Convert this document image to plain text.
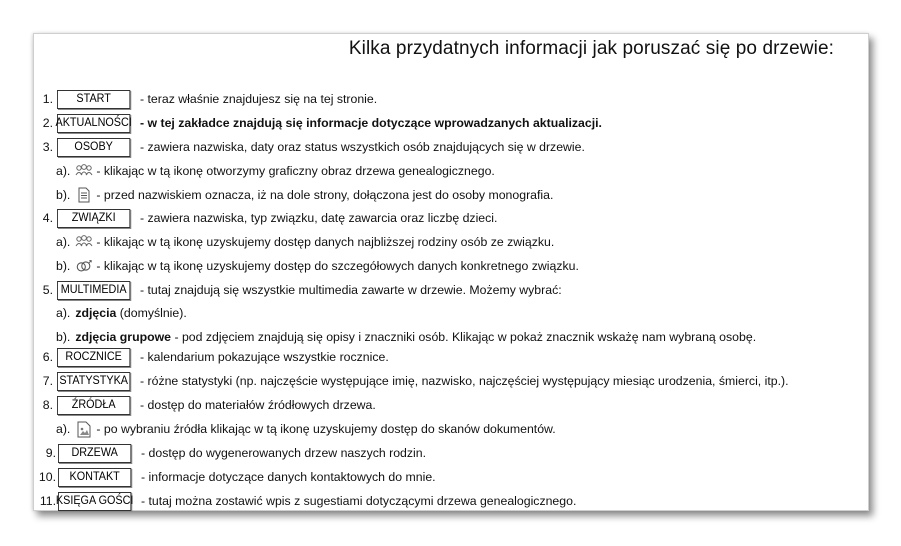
Kilka przydatnych informacji jak poruszać się po drzewie:
1.	START	- teraz właśnie znajdujesz się na tej stronie.
2. AKTUALNOŚCI - w tej zakładce znajdują się informacje dotyczące wprowadzanych aktualizacji.
3.	OSOBY	- zawiera nazwiska, daty oraz status wszystkich osób znajdujących się w drzewie.
a). - klikając w tą ikonę otworzymy graficzny obraz drzewa genealogicznego.
b). - przed nazwiskiem oznacza, iż na dole strony, dołączona jest do osoby monografia.
4.	ZWIĄZKI	- zawiera nazwiska, typ związku, datę zawarcia oraz liczbę dzieci.
a). - klikając w tą ikonę uzyskujemy dostęp danych najbliższej rodziny osób ze związku.
b). - klikając w tą ikonę uzyskujemy dostęp do szczegółowych danych konkretnego związku.
5. MULTIMEDIA	- tutaj znajdują się wszystkie multimedia zawarte w drzewie. Możemy wybrać:
a). zdjęcia
(domyślnie).
b). zdjęcia grupowe
- pod zdjęciem znajdują się opisy i znaczniki osób. Klikając w pokaż znacznik wskażę nam wybraną osobę.
6.	ROCZNICE	- kalendarium pokazujące wszystkie rocznice.
7. STATYSTYKA - różne statystyki (np. najczęście występujące imię, nazwisko, najczęściej występujący miesiąc urodzenia, śmierci, itp.).
8.	ŹRÓDŁA	- dostęp do materiałów źródłowych drzewa.
a). - po wybraniu źródła klikając w tą ikonę uzyskujemy dostęp do skanów dokumentów.
9.	DRZEWA	- dostęp do wygenerowanych drzew naszych rodzin.
10.	KONTAKT	- informacje dotyczące danych kontaktowych do mnie.
11. KSIĘGA GOŚCI - tutaj można zostawić wpis z sugestiami dotyczącymi drzewa genealogicznego.
